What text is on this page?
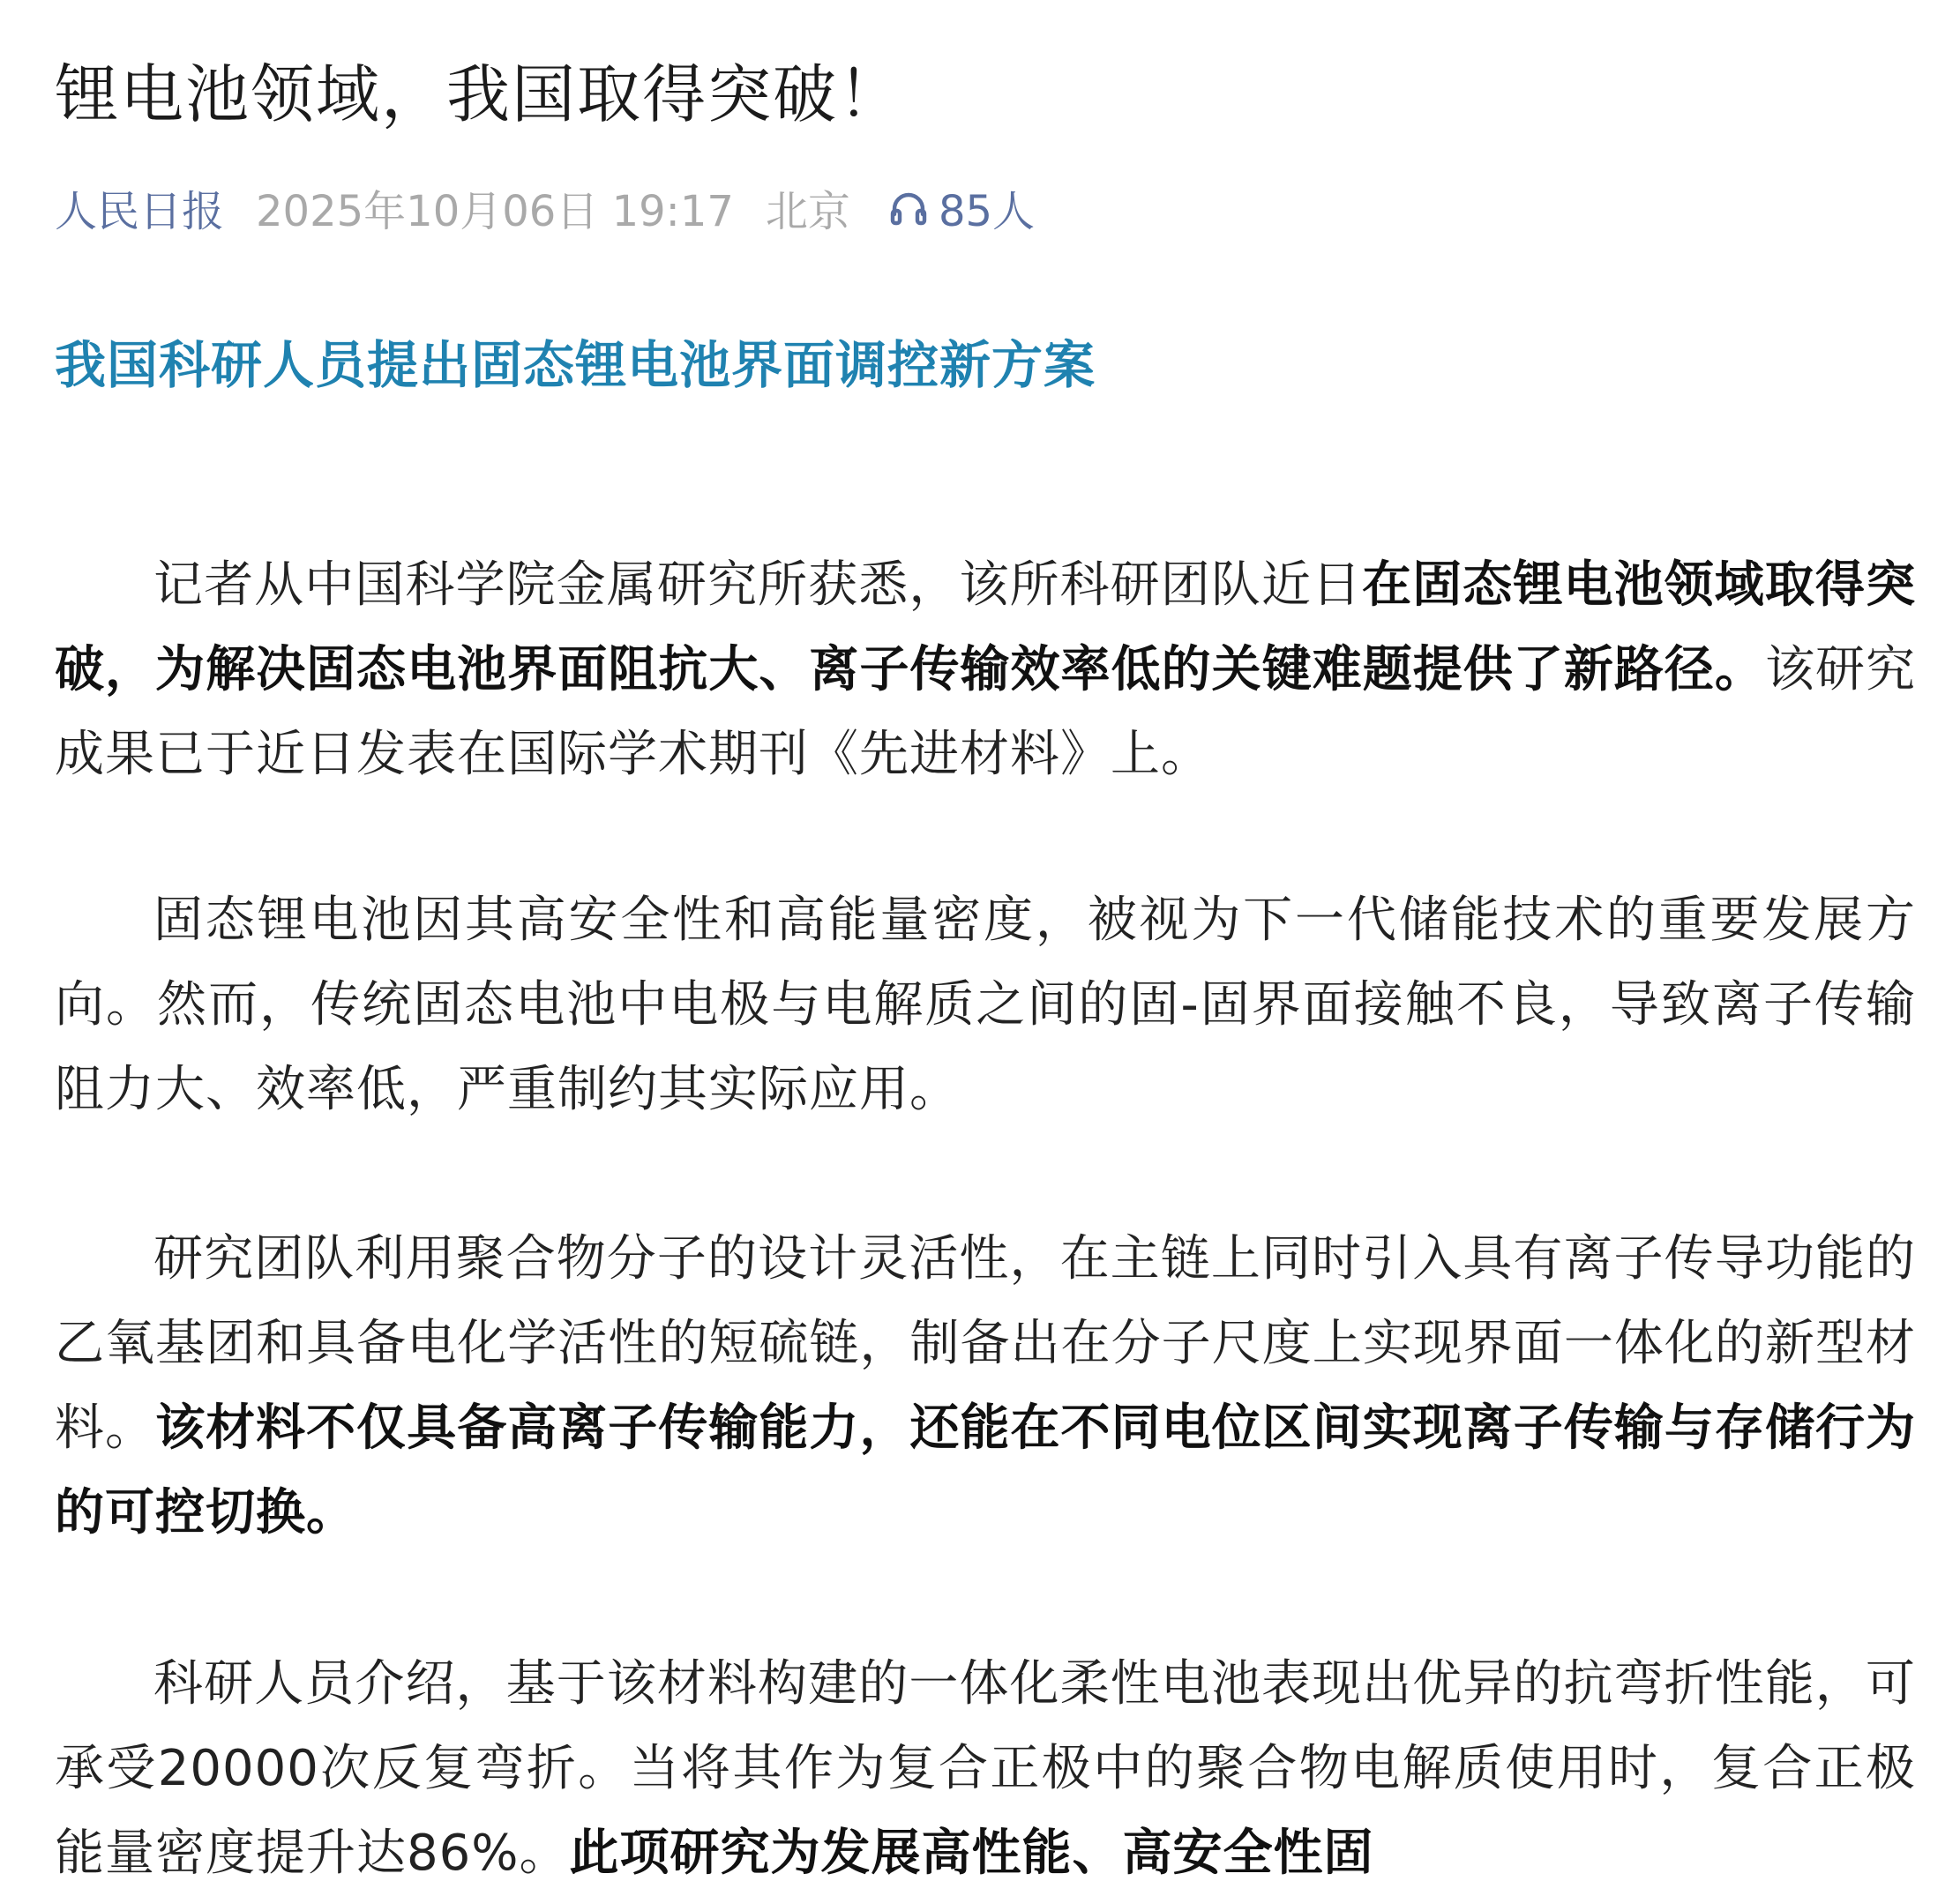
锂电池领域，我国取得突破！
人民日报 2025年10月06日 19:17 北京 85人
我国科研人员提出固态锂电池界面调控新方案

记者从中国科学院金属研究所获悉，该所科研团队近日在固态锂电池领域取得突破，为解决固态电池界面阻抗大、离子传输效率低的关键难题提供了新路径。该研究成果已于近日发表在国际学术期刊《先进材料》上。

固态锂电池因其高安全性和高能量密度，被视为下一代储能技术的重要发展方向。然而，传统固态电池中电极与电解质之间的固-固界面接触不良，导致离子传输阻力大、效率低，严重制约其实际应用。

研究团队利用聚合物分子的设计灵活性，在主链上同时引入具有离子传导功能的乙氧基团和具备电化学活性的短硫链，制备出在分子尺度上实现界面一体化的新型材料。该材料不仅具备高离子传输能力，还能在不同电位区间实现离子传输与存储行为的可控切换。

科研人员介绍，基于该材料构建的一体化柔性电池表现出优异的抗弯折性能，可承受20000次反复弯折。当将其作为复合正极中的聚合物电解质使用时，复合正极能量密度提升达86%。此项研究为发展高性能、高安全性固
